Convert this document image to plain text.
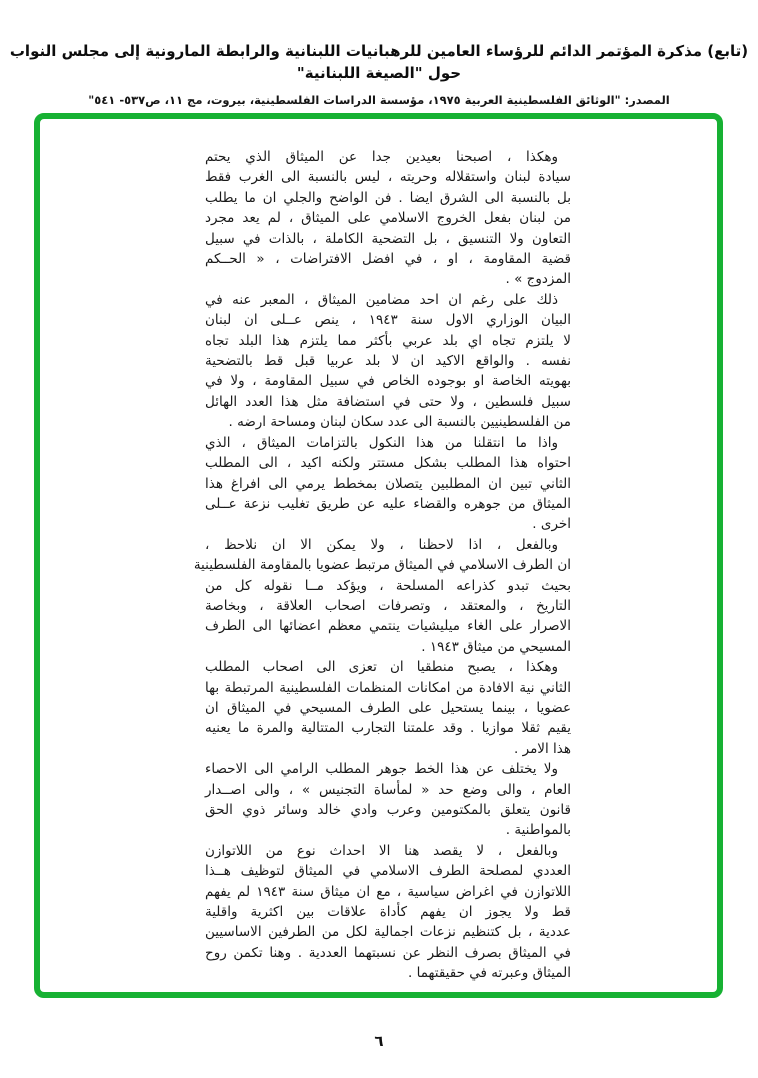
(تابع) مذكرة المؤتمر الدائم للرؤساء العامين للرهبانيات اللبنانية والرابطة المارونية إلى مجلس النواب حول "الصيغة اللبنانية"
المصدر: "الوثائق الفلسطينية العربية ١٩٧٥، مؤسسة الدراسات الفلسطينية، بيروت، مج ١١، ص٥٣٧- ٥٤١"
وهكذا ، اصبحنا بعيدين جدا عن الميثاق الذي يحتم
سيادة لبنان واستقلاله وحريته ، ليس بالنسبة الى الغرب فقط
بل بالنسبة الى الشرق ايضا . فن الواضح والجلي ان ما يطلب
من لبنان بفعل الخروج الاسلامي على الميثاق ، لم يعد مجرد
التعاون ولا التنسيق ، بل التضحية الكاملة ، بالذات في سبيل
قضية المقاومة ، او ، في افضل الافتراضات ، « الحــكم
المزدوج » .
ذلك على رغم ان احد مضامين الميثاق ، المعبر عنه في
البيان الوزاري الاول سنة ١٩٤٣ ، ينص عــلى ان لبنان
لا يلتزم تجاه اي بلد عربي بأكثر مما يلتزم هذا البلد تجاه
نفسه . والواقع الاكيد ان لا بلد عربيا قبل قط بالتضحية
بهويته الخاصة او بوجوده الخاص في سبيل المقاومة ، ولا في
سبيل فلسطين ، ولا حتى في استضافة مثل هذا العدد الهائل
من الفلسطينيين بالنسبة الى عدد سكان لبنان ومساحة ارضه .
واذا ما انتقلنا من هذا النكول بالتزامات الميثاق ، الذي
احتواه هذا المطلب بشكل مستتر ولكنه اكيد ، الى المطلب
الثاني تبين ان المطلبين يتصلان بمخطط يرمي الى افراغ هذا
الميثاق من جوهره والقضاء عليه عن طريق تغليب نزعة عــلى
اخرى .
وبالفعل ، اذا لاحظنا ، ولا يمكن الا ان نلاحظ ،
ان الطرف الاسلامي في الميثاق مرتبط عضويا بالمقاومة الفلسطينية
بحيث تبدو كذراعه المسلحة ، ويؤكد مــا نقوله كل من
التاريخ ، والمعتقد ، وتصرفات اصحاب العلاقة ، وبخاصة
الاصرار على الغاء ميليشيات ينتمي معظم اعضائها الى الطرف
المسيحي من ميثاق ١٩٤٣ .
وهكذا ، يصبح منطقيا ان تعزى الى اصحاب المطلب
الثاني نية الافادة من امكانات المنظمات الفلسطينية المرتبطة بها
عضويا ، بينما يستحيل على الطرف المسيحي في الميثاق ان
يقيم ثقلا موازيا . وقد علمتنا التجارب المتتالية والمرة ما يعنيه
هذا الامر .
ولا يختلف عن هذا الخط جوهر المطلب الرامي الى الاحصاء
العام ، والى وضع حد « لمأساة التجنيس » ، والى اصــدار
قانون يتعلق بالمكتومين وعرب وادي خالد وسائر ذوي الحق
بالمواطنية .
وبالفعل ، لا يقصد هنا الا احداث نوع من اللاتوازن
العددي لمصلحة الطرف الاسلامي في الميثاق لتوظيف هــذا
اللاتوازن في اغراض سياسية ، مع ان ميثاق سنة ١٩٤٣ لم يفهم
قط ولا يجوز ان يفهم كأداة علاقات بين اكثرية واقلية
عددية ، بل كتنظيم نزعات اجمالية لكل من الطرفين الاساسيين
في الميثاق بصرف النظر عن نسبتهما العددية . وهنا تكمن روح
الميثاق وعبرته في حقيقتهما .
٦
